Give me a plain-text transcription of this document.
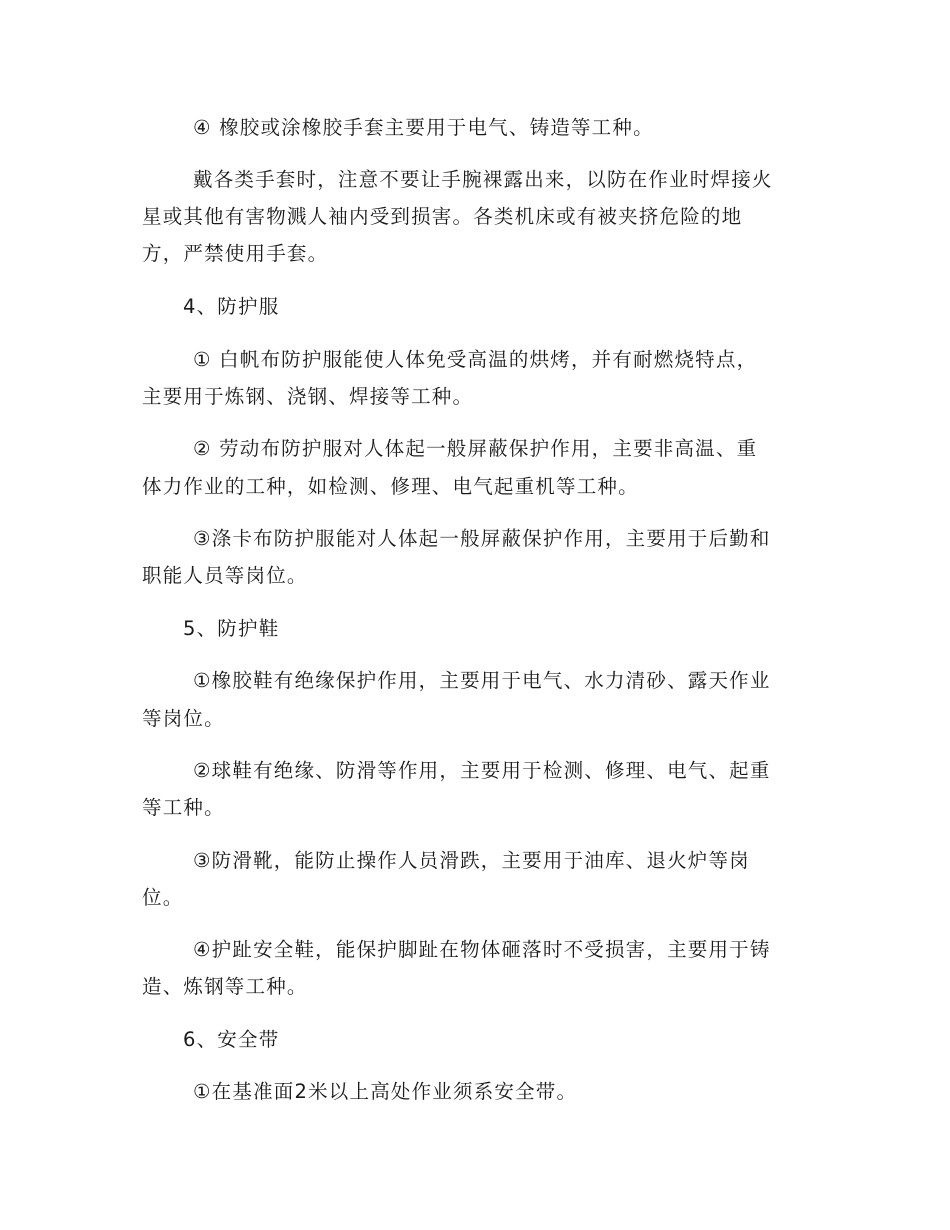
④ 橡胶或涂橡胶手套主要用于电气、铸造等工种。
戴各类手套时，注意不要让手腕裸露出来，以防在作业时焊接火
星或其他有害物溅人袖内受到损害。各类机床或有被夹挤危险的地
方，严禁使用手套。
4、防护服
① 白帆布防护服能使人体免受高温的烘烤，并有耐燃烧特点，
主要用于炼钢、浇钢、焊接等工种。
② 劳动布防护服对人体起一般屏蔽保护作用，主要非高温、重
体力作业的工种，如检测、修理、电气起重机等工种。
③涤卡布防护服能对人体起一般屏蔽保护作用，主要用于后勤和
职能人员等岗位。
5、防护鞋
①橡胶鞋有绝缘保护作用，主要用于电气、水力清砂、露天作业
等岗位。
②球鞋有绝缘、防滑等作用，主要用于检测、修理、电气、起重
等工种。
③防滑靴，能防止操作人员滑跌，主要用于油库、退火炉等岗
位。
④护趾安全鞋，能保护脚趾在物体砸落时不受损害，主要用于铸
造、炼钢等工种。
6、安全带
①在基准面2米以上高处作业须系安全带。
